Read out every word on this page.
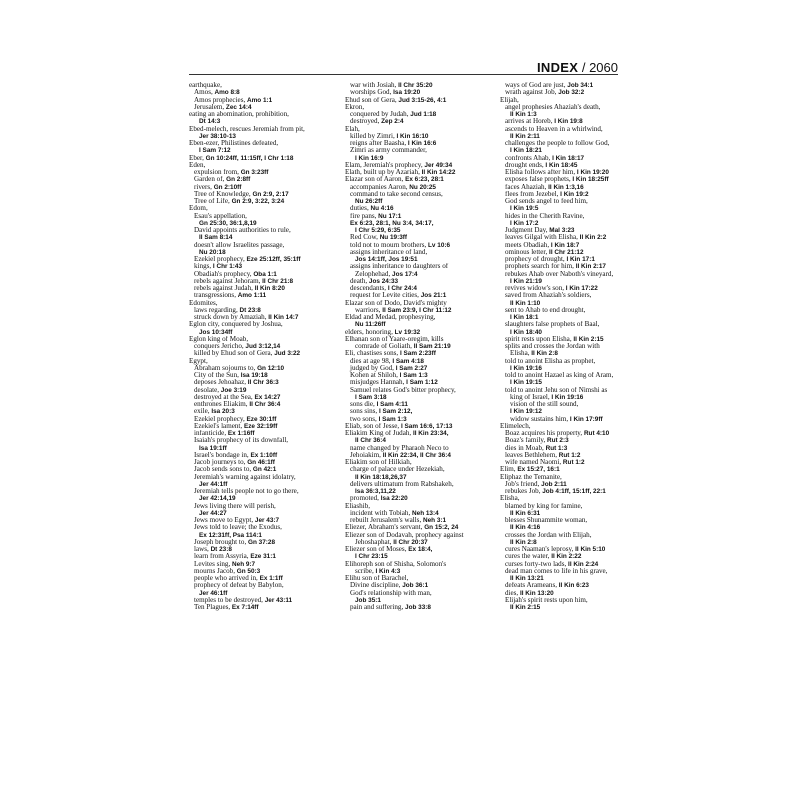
INDEX / 2060
earthquake,
Amos, Amo 8:8
Amos prophecies, Amo 1:1
Jerusalem, Zec 14:4
eating an abomination, prohibition,
Dt 14:3
Ebed-melech, rescues Jeremiah from pit,
Jer 38:10-13
Eben-ezer, Philistines defeated,
I Sam 7:12
Eber, Gn 10:24ff, 11:15ff, I Chr 1:18
Eden,
expulsion from, Gn 3:23ff
Garden of, Gn 2:8ff
rivers, Gn 2:10ff
Tree of Knowledge, Gn 2:9, 2:17
Tree of Life, Gn 2:9, 3:22, 3:24
Edom,
Esau's appellation,
Gn 25:30, 36:1,8,19
David appoints authorities to rule,
II Sam 8:14
doesn't allow Israelites passage,
Nu 20:18
Ezekiel prophecy, Eze 25:12ff, 35:1ff
kings, I Chr 1:43
Obadiah's prophecy, Oba 1:1
rebels against Jehoram, II Chr 21:8
rebels against Judah, II Kin 8:20
transgressions, Amo 1:11
Edomites,
laws regarding, Dt 23:8
struck down by Amaziah, II Kin 14:7
Eglon city, conquered by Joshua,
Jos 10:34ff
Eglon king of Moab,
conquers Jericho, Jud 3:12,14
killed by Ehud son of Gera, Jud 3:22
Egypt,
Abraham sojourns to, Gn 12:10
City of the Sun, Isa 19:18
deposes Jehoahaz, II Chr 36:3
desolate, Joe 3:19
destroyed at the Sea, Ex 14:27
enthrones Eliakim, II Chr 36:4
exile, Isa 20:3
Ezekiel prophecy, Eze 30:1ff
Ezekiel's lament, Eze 32:19ff
infanticide, Ex 1:16ff
Isaiah's prophecy of its downfall,
Isa 19:1ff
Israel's bondage in, Ex 1:10ff
Jacob journeys to, Gn 46:1ff
Jacob sends sons to, Gn 42:1
Jeremiah's warning against idolatry,
Jer 44:1ff
Jeremiah tells people not to go there,
Jer 42:14,19
Jews living there will perish,
Jer 44:27
Jews move to Egypt, Jer 43:7
Jews told to leave; the Exodus,
Ex 12:31ff, Psa 114:1
Joseph brought to, Gn 37:28
laws, Dt 23:8
learn from Assyria, Eze 31:1
Levites sing, Neh 9:7
mourns Jacob, Gn 50:3
people who arrived in, Ex 1:1ff
prophecy of defeat by Babylon,
Jer 46:1ff
temples to be destroyed, Jer 43:11
Ten Plagues, Ex 7:14ff
war with Josiah, II Chr 35:20
worships God, Isa 19:20
Ehud son of Gera, Jud 3:15-26, 4:1
Ekron,
conquered by Judah, Jud 1:18
destroyed, Zep 2:4
Elah,
killed by Zimri, I Kin 16:10
reigns after Baasha, I Kin 16:6
Zimri as army commander,
I Kin 16:9
Elam, Jeremiah's prophecy, Jer 49:34
Elath, built up by Azariah, II Kin 14:22
Elazar son of Aaron, Ex 6:23, 28:1
accompanies Aaron, Nu 20:25
command to take second census,
Nu 26:2ff
duties, Nu 4:16
fire pans, Nu 17:1
Ex 6:23, 28:1, Nu 3:4, 34:17,
I Chr 5:29, 6:35
Red Cow, Nu 19:3ff
told not to mourn brothers, Lv 10:6
assigns inheritance of land,
Jos 14:1ff, Jos 19:51
assigns inheritance to daughters of
Zelophehad, Jos 17:4
death, Jos 24:33
descendants, I Chr 24:4
request for Levite cities, Jos 21:1
Elazar son of Dodo, David's mighty
warriors, II Sam 23:9, I Chr 11:12
Eldad and Medad, prophesying,
Nu 11:26ff
elders, honoring, Lv 19:32
Elhanan son of Yaare-oregim, kills
comrade of Goliath, II Sam 21:19
Eli, chastises sons, I Sam 2:23ff
dies at age 98, I Sam 4:18
judged by God, I Sam 2:27
Kohen at Shiloh, I Sam 1:3
misjudges Hannah, I Sam 1:12
Samuel relates God's bitter prophecy,
I Sam 3:18
sons die, I Sam 4:11
sons sins, I Sam 2:12,
two sons, I Sam 1:3
Eliab, son of Jesse, I Sam 16:6, 17:13
Eliakim King of Judah, II Kin 23:34,
II Chr 36:4
name changed by Pharaoh Neco to
Jehoiakim, II Kin 22:34, II Chr 36:4
Eliakim son of Hilkiah,
charge of palace under Hezekiah,
II Kin 18:18,26,37
delivers ultimatum from Rabshakeh,
Isa 36:3,11,22
promoted, Isa 22:20
Eliashib,
incident with Tobiah, Neh 13:4
rebuilt Jerusalem's walls, Neh 3:1
Eliezer, Abraham's servant, Gn 15:2, 24
Eliezer son of Dodavah, prophecy against
Jehoshaphat, II Chr 20:37
Eliezer son of Moses, Ex 18:4,
I Chr 23:15
Elihoreph son of Shisha, Solomon's
scribe, I Kin 4:3
Elihu son of Barachel,
Divine discipline, Job 36:1
God's relationship with man,
Job 35:1
pain and suffering, Job 33:8
ways of God are just, Job 34:1
wrath against Job, Job 32:2
Elijah,
angel prophesies Ahaziah's death,
II Kin 1:3
arrives at Horeb, I Kin 19:8
ascends to Heaven in a whirlwind,
II Kin 2:11
challenges the people to follow God,
I Kin 18:21
confronts Ahab, I Kin 18:17
drought ends, I Kin 18:45
Elisha follows after him, I Kin 19:20
exposes false prophets, I Kin 18:25ff
faces Ahaziah, II Kin 1:3,16
flees from Jezebel, I Kin 19:2
God sends angel to feed him,
I Kin 19:5
hides in the Cherith Ravine,
I Kin 17:2
Judgment Day, Mal 3:23
leaves Gilgal with Elisha, II Kin 2:2
meets Obadiah, I Kin 18:7
ominous letter, II Chr 21:12
prophecy of drought, I Kin 17:1
prophets search for him, II Kin 2:17
rebukes Ahab over Naboth's vineyard,
I Kin 21:19
revives widow's son, I Kin 17:22
saved from Ahaziah's soldiers,
II Kin 1:10
sent to Ahab to end drought,
I Kin 18:1
slaughters false prophets of Baal,
I Kin 18:40
spirit rests upon Elisha, II Kin 2:15
splits and crosses the Jordan with
Elisha, II Kin 2:8
told to anoint Elisha as prophet,
I Kin 19:16
told to anoint Hazael as king of Aram,
I Kin 19:15
told to anoint Jehu son of Nimshi as
king of Israel, I Kin 19:16
vision of the still sound,
I Kin 19:12
widow sustains him, I Kin 17:9ff
Elimelech,
Boaz acquires his property, Rut 4:10
Boaz's family, Rut 2:3
dies in Moab, Rut 1:3
leaves Bethlehem, Rut 1:2
wife named Naomi, Rut 1:2
Elim, Ex 15:27, 16:1
Eliphaz the Temanite,
Job's friend, Job 2:11
rebukes Job, Job 4:1ff, 15:1ff, 22:1
Elisha,
blamed by king for famine,
II Kin 6:31
blesses Shunammite woman,
II Kin 4:16
crosses the Jordan with Elijah,
II Kin 2:8
cures Naaman's leprosy, II Kin 5:10
cures the water, II Kin 2:22
curses forty-two lads, II Kin 2:24
dead man comes to life in his grave,
II Kin 13:21
defeats Arameans, II Kin 6:23
dies, II Kin 13:20
Elijah's spirit rests upon him,
II Kin 2:15
